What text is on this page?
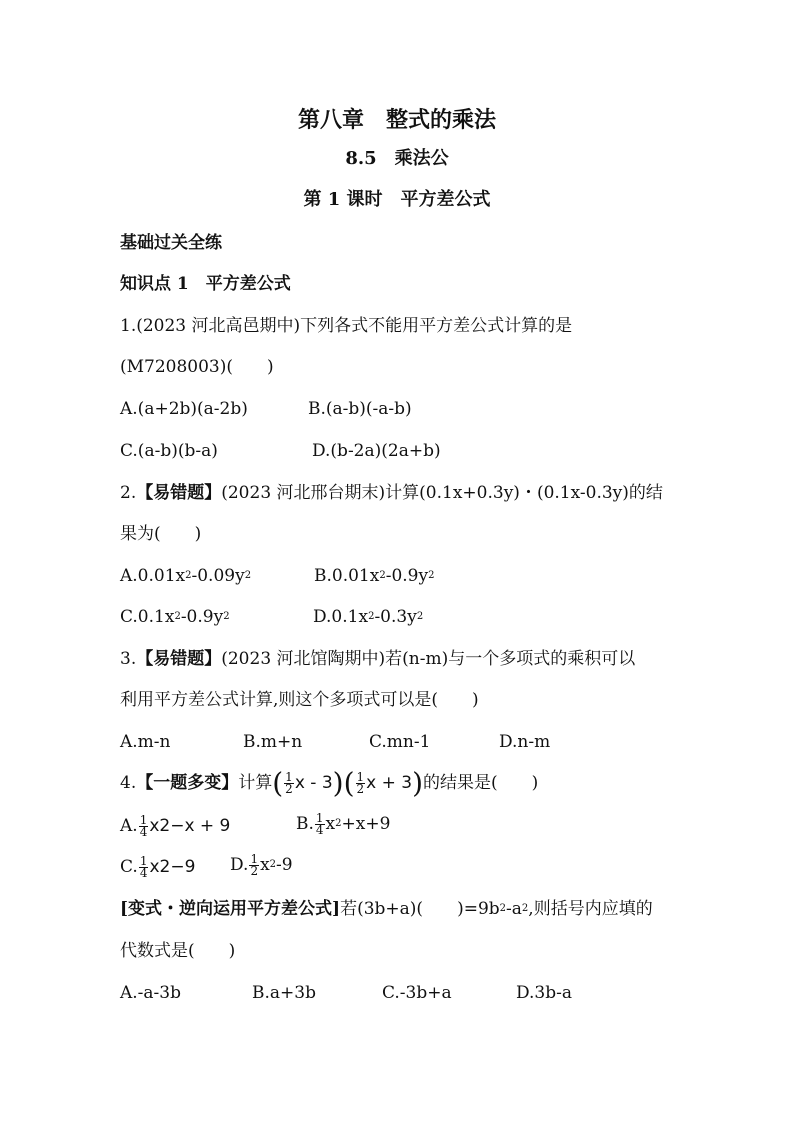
第八章　整式的乘法
8.5　乘法公
第 1 课时　平方差公式
基础过关全练
知识点 1　平方差公式
1.(2023 河北高邑期中)下列各式不能用平方差公式计算的是
(M7208003)(　　)
A.(a+2b)(a-2b)	B.(a-b)(-a-b)
C.(a-b)(b-a)	D.(b-2a)(2a+b)
2.【易错题】(2023 河北邢台期末)计算(0.1x+0.3y)・(0.1x-0.3y)的结
果为(　　)
$A.0.01x^2-0.09y^2$	$B.0.01x^2-0.9y^2$
$C.0.1x^2-0.9y^2$	$D.0.1x^2-0.3y^2$
3.【易错题】(2023 河北馆陶期中)若(n-m)与一个多项式的乘积可以
利用平方差公式计算,则这个多项式可以是(　　)
A.m-n	B.m+n	C.mn-1	D.n-m
4.【一题多变】计算( $\frac{1}{2}$ x - $3)( \frac{1}{2}$ x + 3)的结果是(　　)
A. $\frac{1}{4} x2-x + 9$	B. $\frac{1}{4} x^2+x+9$
C. $\frac{1}{4} x2-9$ D. $\frac{1}{2} x^2-9$
[变式・逆向运用平方差公式]若(3b+a)(　　)$=9b^2-a^2$,则括号内应填的
代数式是(　　)
A.-a-3b	B.a+3b	C.-3b+a	D.3b-a
